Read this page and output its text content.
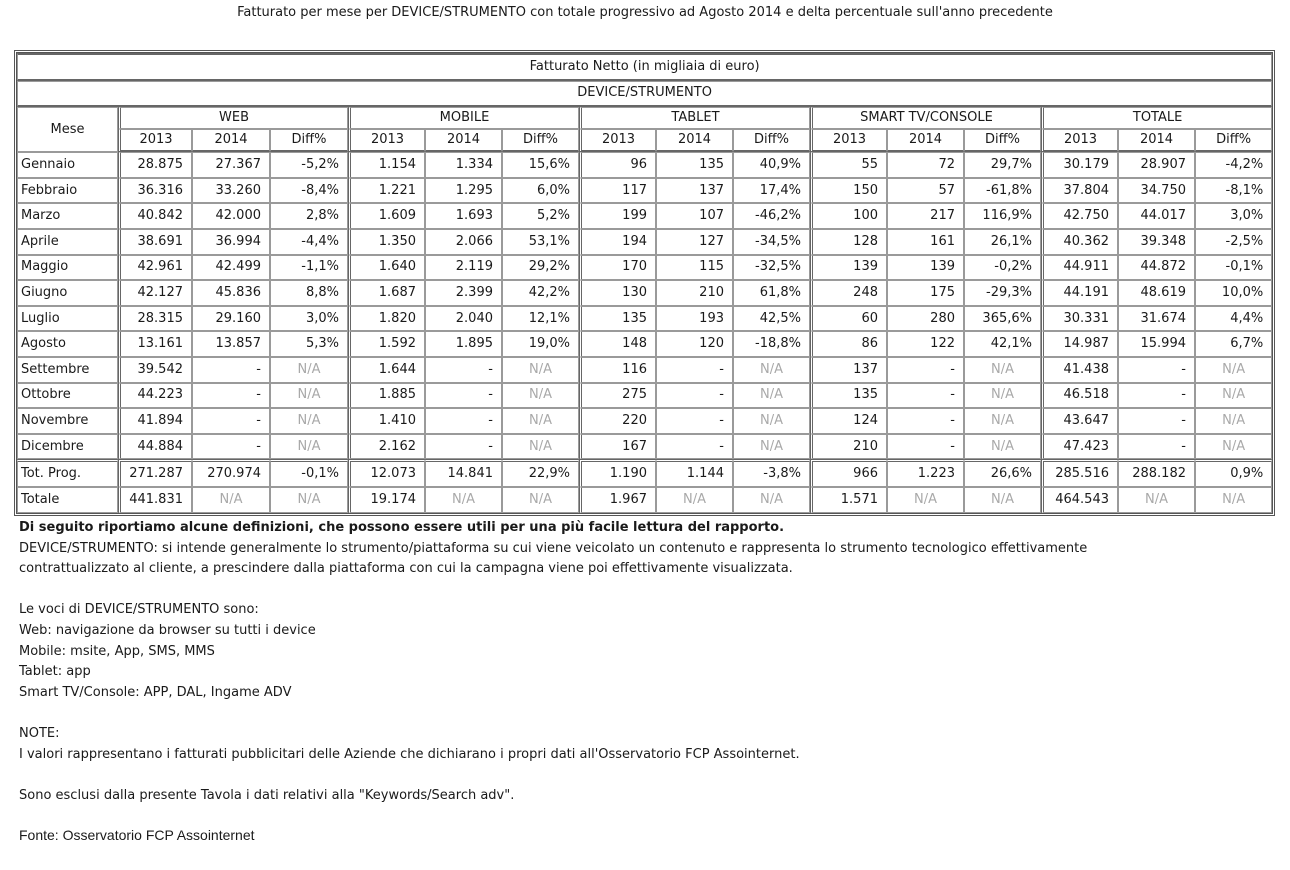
Fatturato per mese per DEVICE/STRUMENTO con totale progressivo ad Agosto 2014 e delta percentuale sull'anno precedente
Fatturato Netto (in migliaia di euro)															
DEVICE/STRUMENTO															
Mese	WEB			MOBILE			TABLET			SMART TV/CONSOLE			TOTALE		
	2013	2014	Diff%	2013	2014	Diff%	2013	2014	Diff%	2013	2014	Diff%	2013	2014	Diff%
Gennaio	28.875	27.367	-5,2%	1.154	1.334	15,6%	96	135	40,9%	55	72	29,7%	30.179	28.907	-4,2%
Febbraio	36.316	33.260	-8,4%	1.221	1.295	6,0%	117	137	17,4%	150	57	-61,8%	37.804	34.750	-8,1%
Marzo	40.842	42.000	2,8%	1.609	1.693	5,2%	199	107	-46,2%	100	217	116,9%	42.750	44.017	3,0%
Aprile	38.691	36.994	-4,4%	1.350	2.066	53,1%	194	127	-34,5%	128	161	26,1%	40.362	39.348	-2,5%
Maggio	42.961	42.499	-1,1%	1.640	2.119	29,2%	170	115	-32,5%	139	139	-0,2%	44.911	44.872	-0,1%
Giugno	42.127	45.836	8,8%	1.687	2.399	42,2%	130	210	61,8%	248	175	-29,3%	44.191	48.619	10,0%
Luglio	28.315	29.160	3,0%	1.820	2.040	12,1%	135	193	42,5%	60	280	365,6%	30.331	31.674	4,4%
Agosto	13.161	13.857	5,3%	1.592	1.895	19,0%	148	120	-18,8%	86	122	42,1%	14.987	15.994	6,7%
Settembre	39.542	-	N/A	1.644	-	N/A	116	-	N/A	137	-	N/A	41.438	-	N/A
Ottobre	44.223	-	N/A	1.885	-	N/A	275	-	N/A	135	-	N/A	46.518	-	N/A
Novembre	41.894	-	N/A	1.410	-	N/A	220	-	N/A	124	-	N/A	43.647	-	N/A
Dicembre	44.884	-	N/A	2.162	-	N/A	167	-	N/A	210	-	N/A	47.423	-	N/A
Tot. Prog.	271.287	270.974	-0,1%	12.073	14.841	22,9%	1.190	1.144	-3,8%	966	1.223	26,6%	285.516	288.182	0,9%
Totale	441.831	N/A	N/A	19.174	N/A	N/A	1.967	N/A	N/A	1.571	N/A	N/A	464.543	N/A	N/A

Di seguito riportiamo alcune definizioni, che possono essere utili per una più facile lettura del rapporto.

DEVICE/STRUMENTO: si intende generalmente lo strumento/piattaforma su cui viene veicolato un contenuto e rappresenta lo strumento tecnologico effettivamente

contrattualizzato al cliente, a prescindere dalla piattaforma con cui la campagna viene poi effettivamente visualizzata.

Le voci di DEVICE/STRUMENTO sono:

Web: navigazione da browser su tutti i device

Mobile: msite, App, SMS, MMS

Tablet: app

Smart TV/Console: APP, DAL, Ingame ADV

NOTE:

I valori rappresentano i fatturati pubblicitari delle Aziende che dichiarano i propri dati all'Osservatorio FCP Assointernet.

Sono esclusi dalla presente Tavola i dati relativi alla "Keywords/Search adv".

Fonte: Osservatorio FCP Assointernet
